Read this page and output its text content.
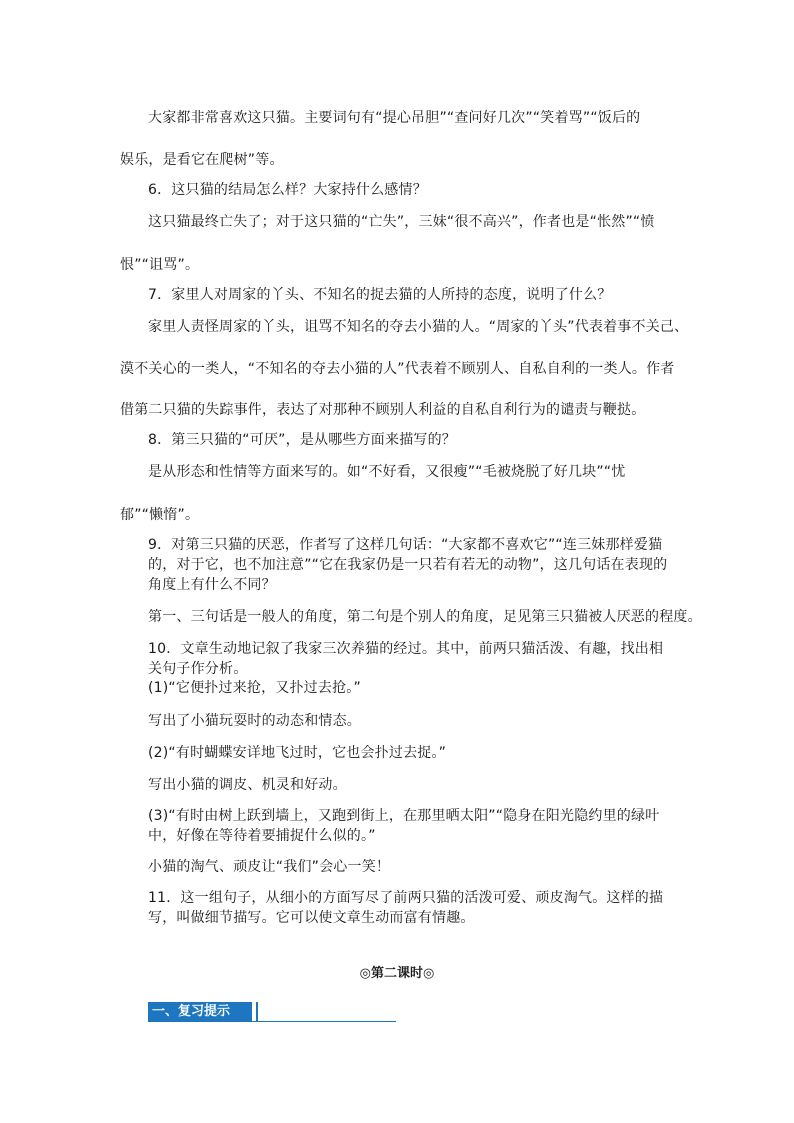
大家都非常喜欢这只猫。主要词句有“提心吊胆”“查问好几次”“笑着骂”“饭后的
娱乐，是看它在爬树”等。
6．这只猫的结局怎么样？大家持什么感情？
这只猫最终亡失了；对于这只猫的“亡失”，三妹“很不高兴”，作者也是“怅然”“愤
恨”“诅骂”。
7．家里人对周家的丫头、不知名的捉去猫的人所持的态度，说明了什么？
家里人责怪周家的丫头，诅骂不知名的夺去小猫的人。“周家的丫头”代表着事不关己、
漠不关心的一类人，“不知名的夺去小猫的人”代表着不顾别人、自私自利的一类人。作者
借第二只猫的失踪事件，表达了对那种不顾别人利益的自私自利行为的谴责与鞭挞。
8．第三只猫的“可厌”，是从哪些方面来描写的？
是从形态和性情等方面来写的。如“不好看，又很瘦”“毛被烧脱了好几块”“忧
郁”“懒惰”。
9．对第三只猫的厌恶，作者写了这样几句话：“大家都不喜欢它”“连三妹那样爱猫的，对于它，也不加注意”“它在我家仍是一只若有若无的动物”，这几句话在表现的角度上有什么不同？
第一、三句话是一般人的角度，第二句是个别人的角度，足见第三只猫被人厌恶的程度。
10．文章生动地记叙了我家三次养猫的经过。其中，前两只猫活泼、有趣，找出相关句子作分析。
(1)“它便扑过来抢，又扑过去抢。”
写出了小猫玩耍时的动态和情态。
(2)“有时蝴蝶安详地飞过时，它也会扑过去捉。”
写出小猫的调皮、机灵和好动。
(3)“有时由树上跃到墙上，又跑到街上，在那里晒太阳”“隐身在阳光隐约里的绿叶中，好像在等待着要捕捉什么似的。”
小猫的淘气、顽皮让“我们”会心一笑！
11．这一组句子，从细小的方面写尽了前两只猫的活泼可爱、顽皮淘气。这样的描写，叫做细节描写。它可以使文章生动而富有情趣。
◎第二课时◎
一、复习提示
